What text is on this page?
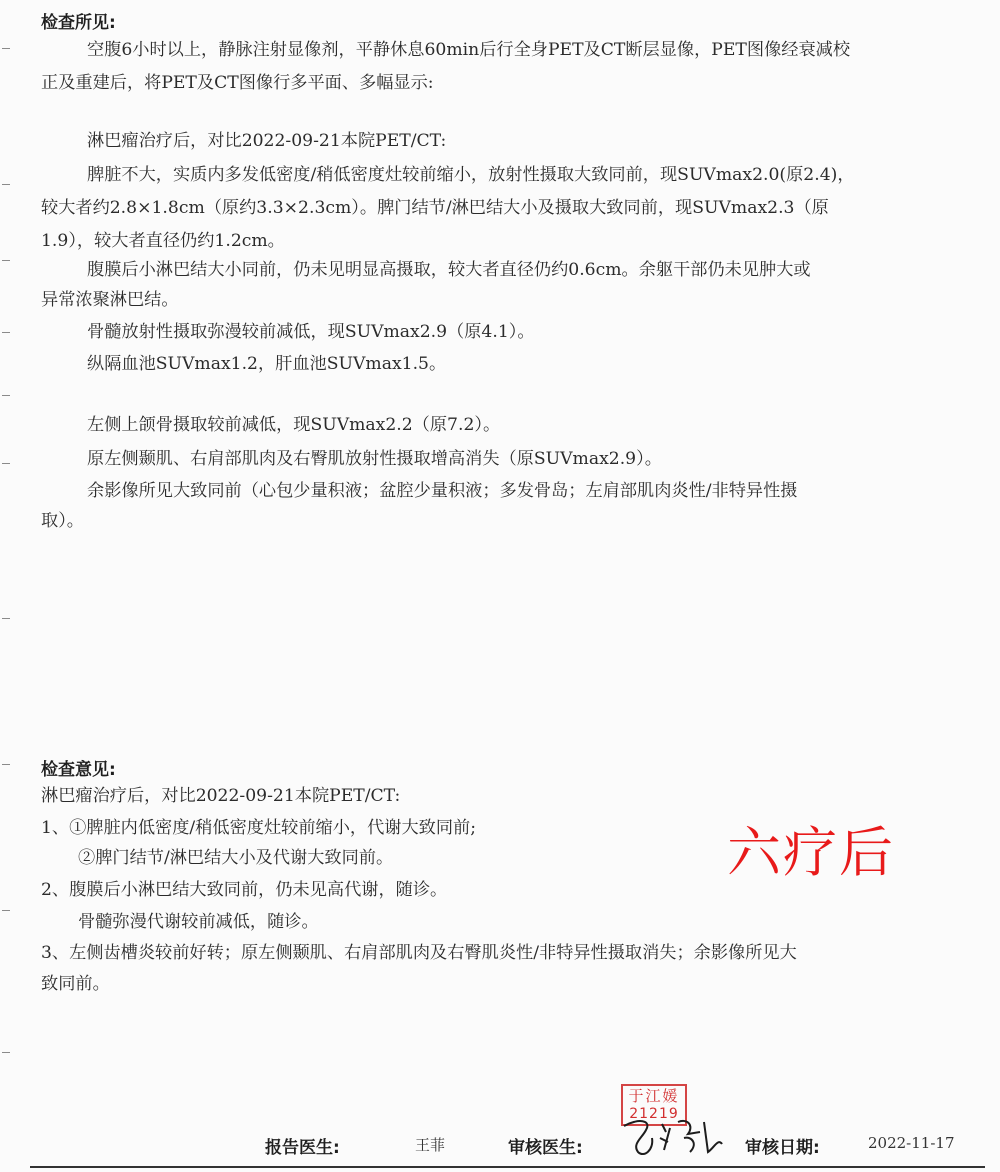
检查所见:
空腹6小时以上，静脉注射显像剂，平静休息60min后行全身PET及CT断层显像，PET图像经衰减校
正及重建后，将PET及CT图像行多平面、多幅显示:
淋巴瘤治疗后，对比2022-09-21本院PET/CT:
脾脏不大，实质内多发低密度/稍低密度灶较前缩小，放射性摄取大致同前，现SUVmax2.0(原2.4)，
较大者约2.8×1.8cm（原约3.3×2.3cm）。脾门结节/淋巴结大小及摄取大致同前，现SUVmax2.3（原
1.9），较大者直径仍约1.2cm。
腹膜后小淋巴结大小同前，仍未见明显高摄取，较大者直径仍约0.6cm。余躯干部仍未见肿大或
异常浓聚淋巴结。
骨髓放射性摄取弥漫较前减低，现SUVmax2.9（原4.1）。
纵隔血池SUVmax1.2，肝血池SUVmax1.5。
左侧上颌骨摄取较前减低，现SUVmax2.2（原7.2）。
原左侧颞肌、右肩部肌肉及右臀肌放射性摄取增高消失（原SUVmax2.9）。
余影像所见大致同前（心包少量积液；盆腔少量积液；多发骨岛；左肩部肌肉炎性/非特异性摄
取）。
检查意见:
淋巴瘤治疗后，对比2022-09-21本院PET/CT:
1、①脾脏内低密度/稍低密度灶较前缩小，代谢大致同前;
②脾门结节/淋巴结大小及代谢大致同前。
2、腹膜后小淋巴结大致同前，仍未见高代谢，随诊。
骨髓弥漫代谢较前减低，随诊。
3、左侧齿槽炎较前好转；原左侧颞肌、右肩部肌肉及右臀肌炎性/非特异性摄取消失；余影像所见大
致同前。
六疗后
于江媛
21219
报告医生:	王菲	审核医生:	审核日期:	2022-11-17
